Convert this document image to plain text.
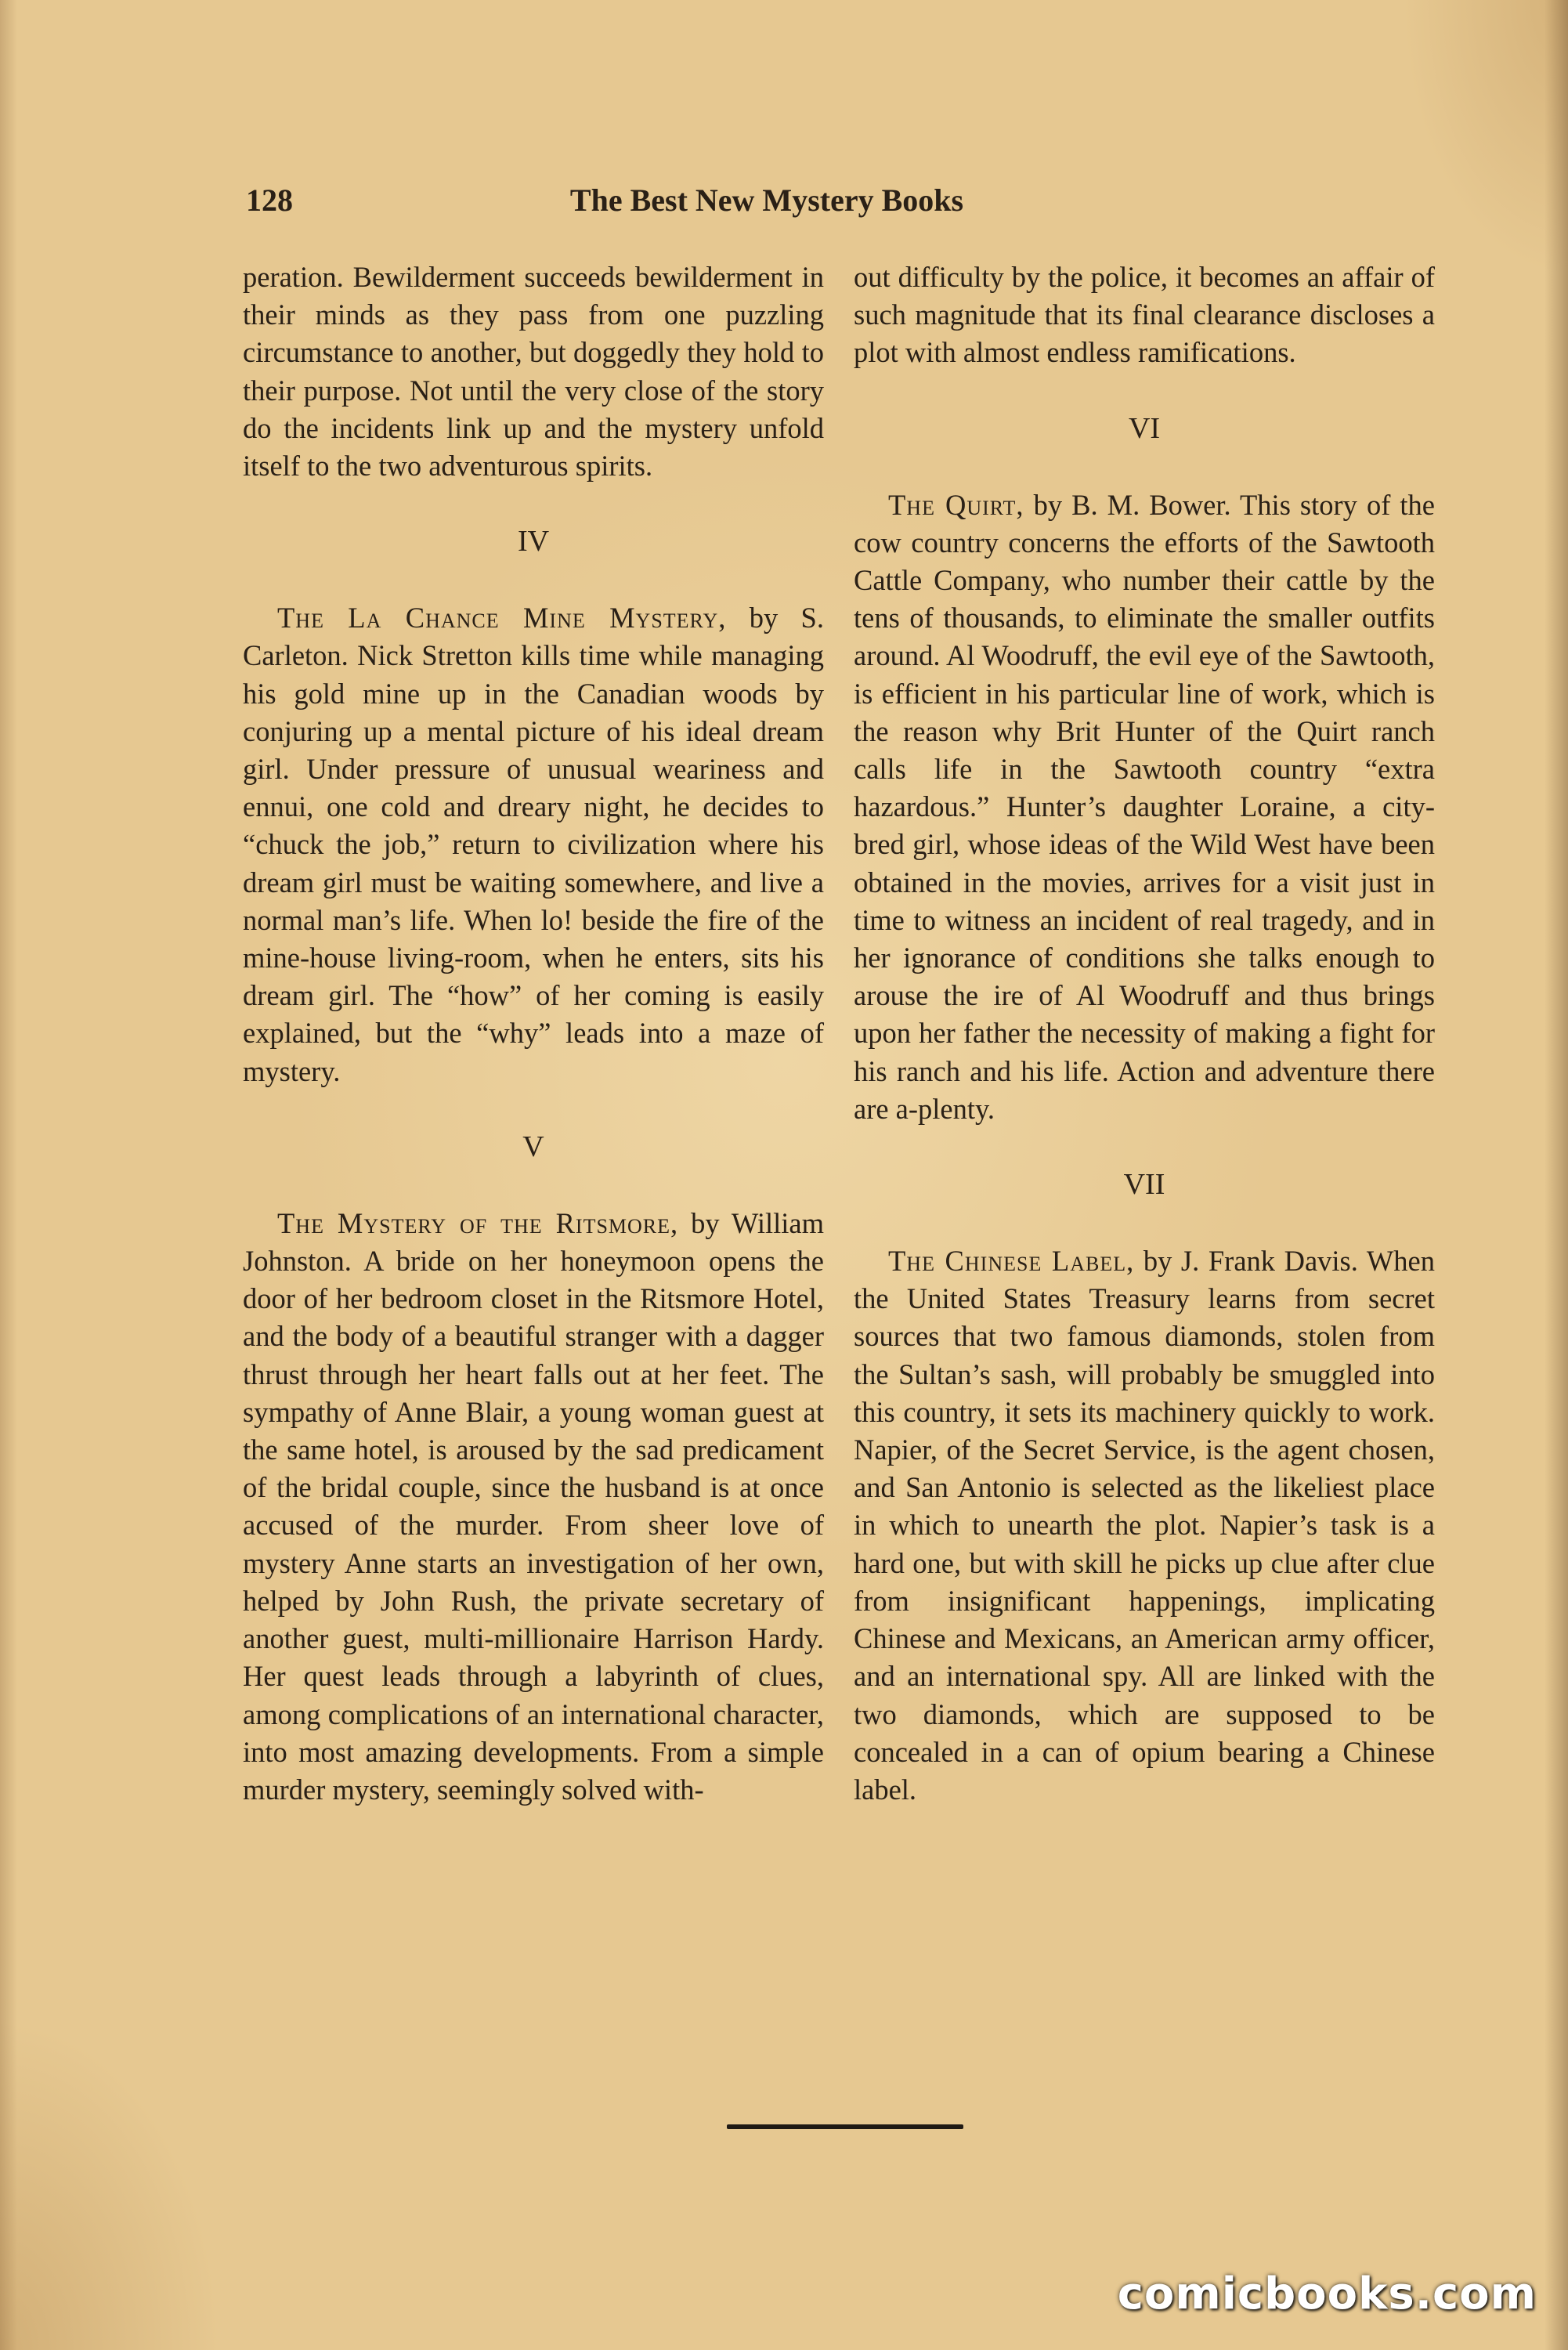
128	The Best New Mystery Books

peration. Bewilderment succeeds bewilderment in their minds as they pass from one puzzling circumstance to another, but doggedly they hold to their purpose. Not until the very close of the story do the incidents link up and the mystery unfold itself to the two adventurous spirits.

IV

The La Chance Mine Mystery, by S. Carleton. Nick Stretton kills time while managing his gold mine up in the Canadian woods by conjuring up a mental picture of his ideal dream girl. Under pressure of unusual weariness and ennui, one cold and dreary night, he decides to “chuck the job,” return to civilization where his dream girl must be waiting somewhere, and live a normal man’s life. When lo! beside the fire of the mine-house living-room, when he enters, sits his dream girl. The “how” of her coming is easily explained, but the “why” leads into a maze of mystery.

V

The Mystery of the Ritsmore, by William Johnston. A bride on her honeymoon opens the door of her bedroom closet in the Ritsmore Hotel, and the body of a beautiful stranger with a dagger thrust through her heart falls out at her feet. The sympathy of Anne Blair, a young woman guest at the same hotel, is aroused by the sad predicament of the bridal couple, since the husband is at once accused of the murder. From sheer love of mystery Anne starts an investigation of her own, helped by John Rush, the private secretary of another guest, multi-millionaire Harrison Hardy. Her quest leads through a labyrinth of clues, among complications of an international character, into most amazing developments. From a simple murder mystery, seemingly solved with-

out difficulty by the police, it becomes an affair of such magnitude that its final clearance discloses a plot with almost endless ramifications.

VI

The Quirt, by B. M. Bower. This story of the cow country concerns the efforts of the Sawtooth Cattle Company, who number their cattle by the tens of thousands, to eliminate the smaller outfits around. Al Woodruff, the evil eye of the Sawtooth, is efficient in his particular line of work, which is the reason why Brit Hunter of the Quirt ranch calls life in the Sawtooth country “extra hazardous.” Hunter’s daughter Loraine, a city-bred girl, whose ideas of the Wild West have been obtained in the movies, arrives for a visit just in time to witness an incident of real tragedy, and in her ignorance of conditions she talks enough to arouse the ire of Al Woodruff and thus brings upon her father the necessity of making a fight for his ranch and his life. Action and adventure there are a-plenty.

VII

The Chinese Label, by J. Frank Davis. When the United States Treasury learns from secret sources that two famous diamonds, stolen from the Sultan’s sash, will probably be smuggled into this country, it sets its machinery quickly to work. Napier, of the Secret Service, is the agent chosen, and San Antonio is selected as the likeliest place in which to unearth the plot. Napier’s task is a hard one, but with skill he picks up clue after clue from insignificant happenings, implicating Chinese and Mexicans, an American army officer, and an international spy. All are linked with the two diamonds, which are supposed to be concealed in a can of opium bearing a Chinese label.

comicbooks.com
